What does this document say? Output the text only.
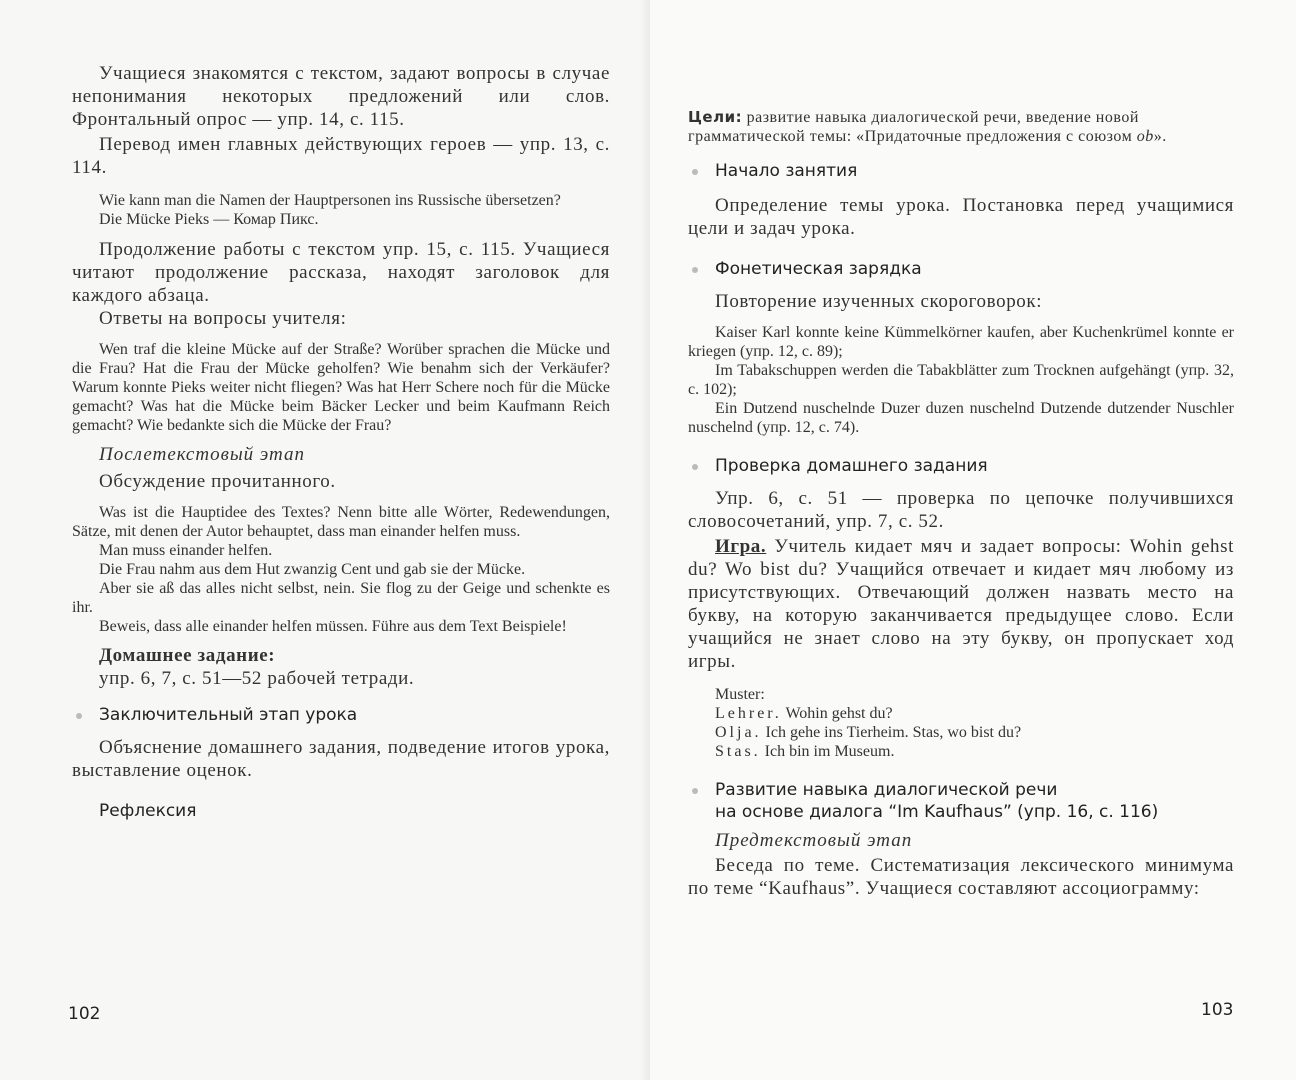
Учащиеся знакомятся с текстом, задают вопросы в случае непонимания некоторых предложений или слов. Фронтальный опрос — упр. 14, с. 115.

Перевод имен главных действующих героев — упр. 13, с. 114.

Wie kann man die Namen der Hauptpersonen ins Russische übersetzen?

Die Mücke Pieks — Комар Пикс.

Продолжение работы с текстом упр. 15, с. 115. Учащиеся читают продолжение рассказа, находят заголовок для каждого абзаца.

Ответы на вопросы учителя:

Wen traf die kleine Mücke auf der Straße? Worüber sprachen die Mücke und die Frau? Hat die Frau der Mücke geholfen? Wie benahm sich der Verkäufer? Warum konnte Pieks weiter nicht fliegen? Was hat Herr Schere noch für die Mücke gemacht? Was hat die Mücke beim Bäcker Lecker und beim Kaufmann Reich gemacht? Wie bedankte sich die Mücke der Frau?

Послетекстовый этап

Обсуждение прочитанного.

Was ist die Hauptidee des Textes? Nenn bitte alle Wörter, Redewendungen, Sätze, mit denen der Autor behauptet, dass man einander helfen muss.

Man muss einander helfen.

Die Frau nahm aus dem Hut zwanzig Cent und gab sie der Mücke.

Aber sie aß das alles nicht selbst, nein. Sie flog zu der Geige und schenkte es ihr.

Beweis, dass alle einander helfen müssen. Führe aus dem Text Beispiele!

Домашнее задание:

упр. 6, 7, с. 51—52 рабочей тетради.

Заключительный этап урока

Объяснение домашнего задания, подведение итогов урока, выставление оценок.

Рефлексия

102

Цели: развитие навыка диалогической речи, введение новой грамматической темы: «Придаточные предложения с союзом ob».

Начало занятия

Определение темы урока. Постановка перед учащимися цели и задач урока.

Фонетическая зарядка

Повторение изученных скороговорок:

Kaiser Karl konnte keine Kümmelkörner kaufen, aber Kuchenkrümel konnte er kriegen (упр. 12, с. 89);

Im Tabakschuppen werden die Tabakblätter zum Trocknen aufgehängt (упр. 32, с. 102);

Ein Dutzend nuschelnde Duzer duzen nuschelnd Dutzende dutzender Nuschler nuschelnd (упр. 12, с. 74).

Проверка домашнего задания

Упр. 6, с. 51 — проверка по цепочке получившихся словосочетаний, упр. 7, с. 52.

Игра. Учитель кидает мяч и задает вопросы: Wohin gehst du? Wo bist du? Учащийся отвечает и кидает мяч любому из присутствующих. Отвечающий должен назвать место на букву, на которую заканчивается предыдущее слово. Если учащийся не знает слово на эту букву, он пропускает ход игры.

Muster:

Lehrer. Wohin gehst du?

Olja. Ich gehe ins Tierheim. Stas, wo bist du?

Stas. Ich bin im Museum.

Развитие навыка диалогической речи
на основе диалога “Im Kaufhaus” (упр. 16, с. 116)

Предтекстовый этап

Беседа по теме. Систематизация лексического минимума по теме “Kaufhaus”. Учащиеся составляют ассоциограмму:

103
